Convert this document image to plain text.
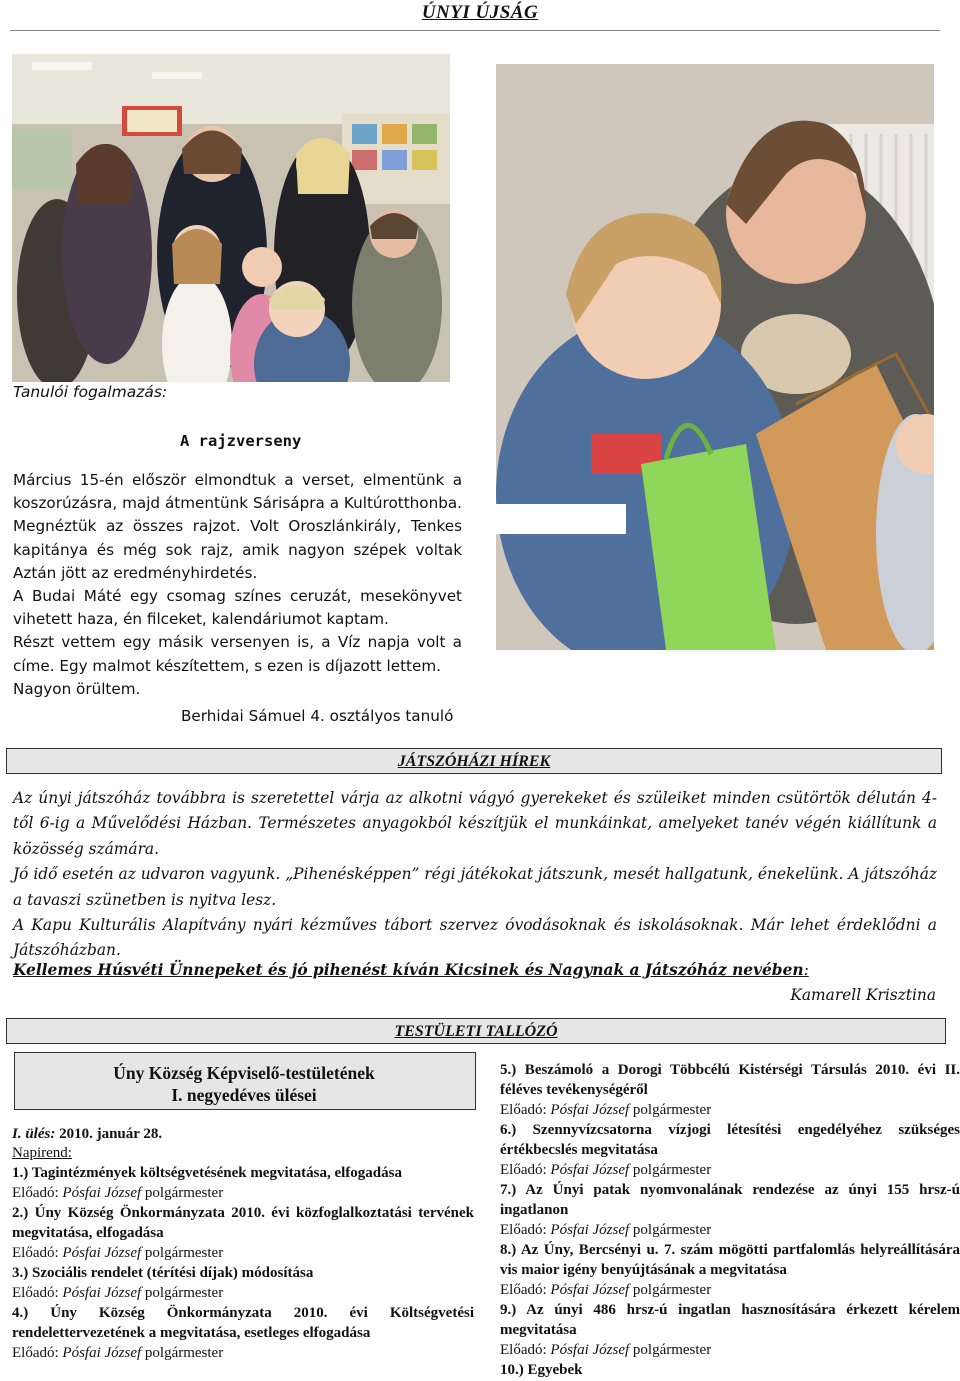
ÚNYI ÚJSÁG
Tanulói fogalmazás:
A rajzverseny

Március 15-én először elmondtuk a verset, elmentünk a koszorúzásra, majd átmentünk Sárisápra a Kultúrotthonba. Megnéztük az összes rajzot. Volt Oroszlánkirály, Tenkes kapitánya és még sok rajz, amik nagyon szépek voltak Aztán jött az eredményhirdetés.

A Budai Máté egy csomag színes ceruzát, mesekönyvet vihetett haza, én filceket, kalendáriumot kaptam.

Részt vettem egy másik versenyen is, a Víz napja volt a címe. Egy malmot készítettem, s ezen is díjazott lettem.

Nagyon örültem.

Berhidai Sámuel 4. osztályos tanuló
JÁTSZÓHÁZI HÍREK

Az únyi játszóház továbbra is szeretettel várja az alkotni vágyó gyerekeket és szüleiket minden csütörtök délután 4-től 6-ig a Művelődési Házban. Természetes anyagokból készítjük el munkáinkat, amelyeket tanév végén kiállítunk a közösség számára.

Jó idő esetén az udvaron vagyunk. „Pihenésképpen” régi játékokat játszunk, mesét hallgatunk, énekelünk. A játszóház a tavaszi szünetben is nyitva lesz.

A Kapu Kulturális Alapítvány nyári kézműves tábort szervez óvodásoknak és iskolásoknak. Már lehet érdeklődni a Játszóházban.

Kellemes Húsvéti Ünnepeket és jó pihenést kíván Kicsinek és Nagynak a Játszóház nevében:
Kamarell Krisztina
TESTÜLETI TALLÓZÓ
Úny Község Képviselő-testületének
I. negyedéves ülései
I. ülés: 2010. január 28.
Napirend:
1.) Tagintézmények költségvetésének megvitatása, elfogadása
Előadó: Pósfai József polgármester
2.) Úny Község Önkormányzata 2010. évi közfoglalkoztatási tervének megvitatása, elfogadása
Előadó: Pósfai József polgármester
3.) Szociális rendelet (térítési díjak) módosítása
Előadó: Pósfai József polgármester
4.) Úny Község Önkormányzata 2010. évi Költségvetési rendelettervezetének a megvitatása, esetleges elfogadása
Előadó: Pósfai József polgármester
5.) Beszámoló a Dorogi Többcélú Kistérségi Társulás 2010. évi II. féléves tevékenységéről
Előadó: Pósfai József polgármester
6.) Szennyvízcsatorna vízjogi létesítési engedélyéhez szükséges értékbecslés megvitatása
Előadó: Pósfai József polgármester
7.) Az Únyi patak nyomvonalának rendezése az únyi 155 hrsz-ú ingatlanon
Előadó: Pósfai József polgármester
8.) Az Úny, Bercsényi u. 7. szám mögötti partfalomlás helyreállítására vis maior igény benyújtásának a megvitatása
Előadó: Pósfai József polgármester
9.) Az únyi 486 hrsz-ú ingatlan hasznosítására érkezett kérelem megvitatása
Előadó: Pósfai József polgármester
10.) Egyebek
